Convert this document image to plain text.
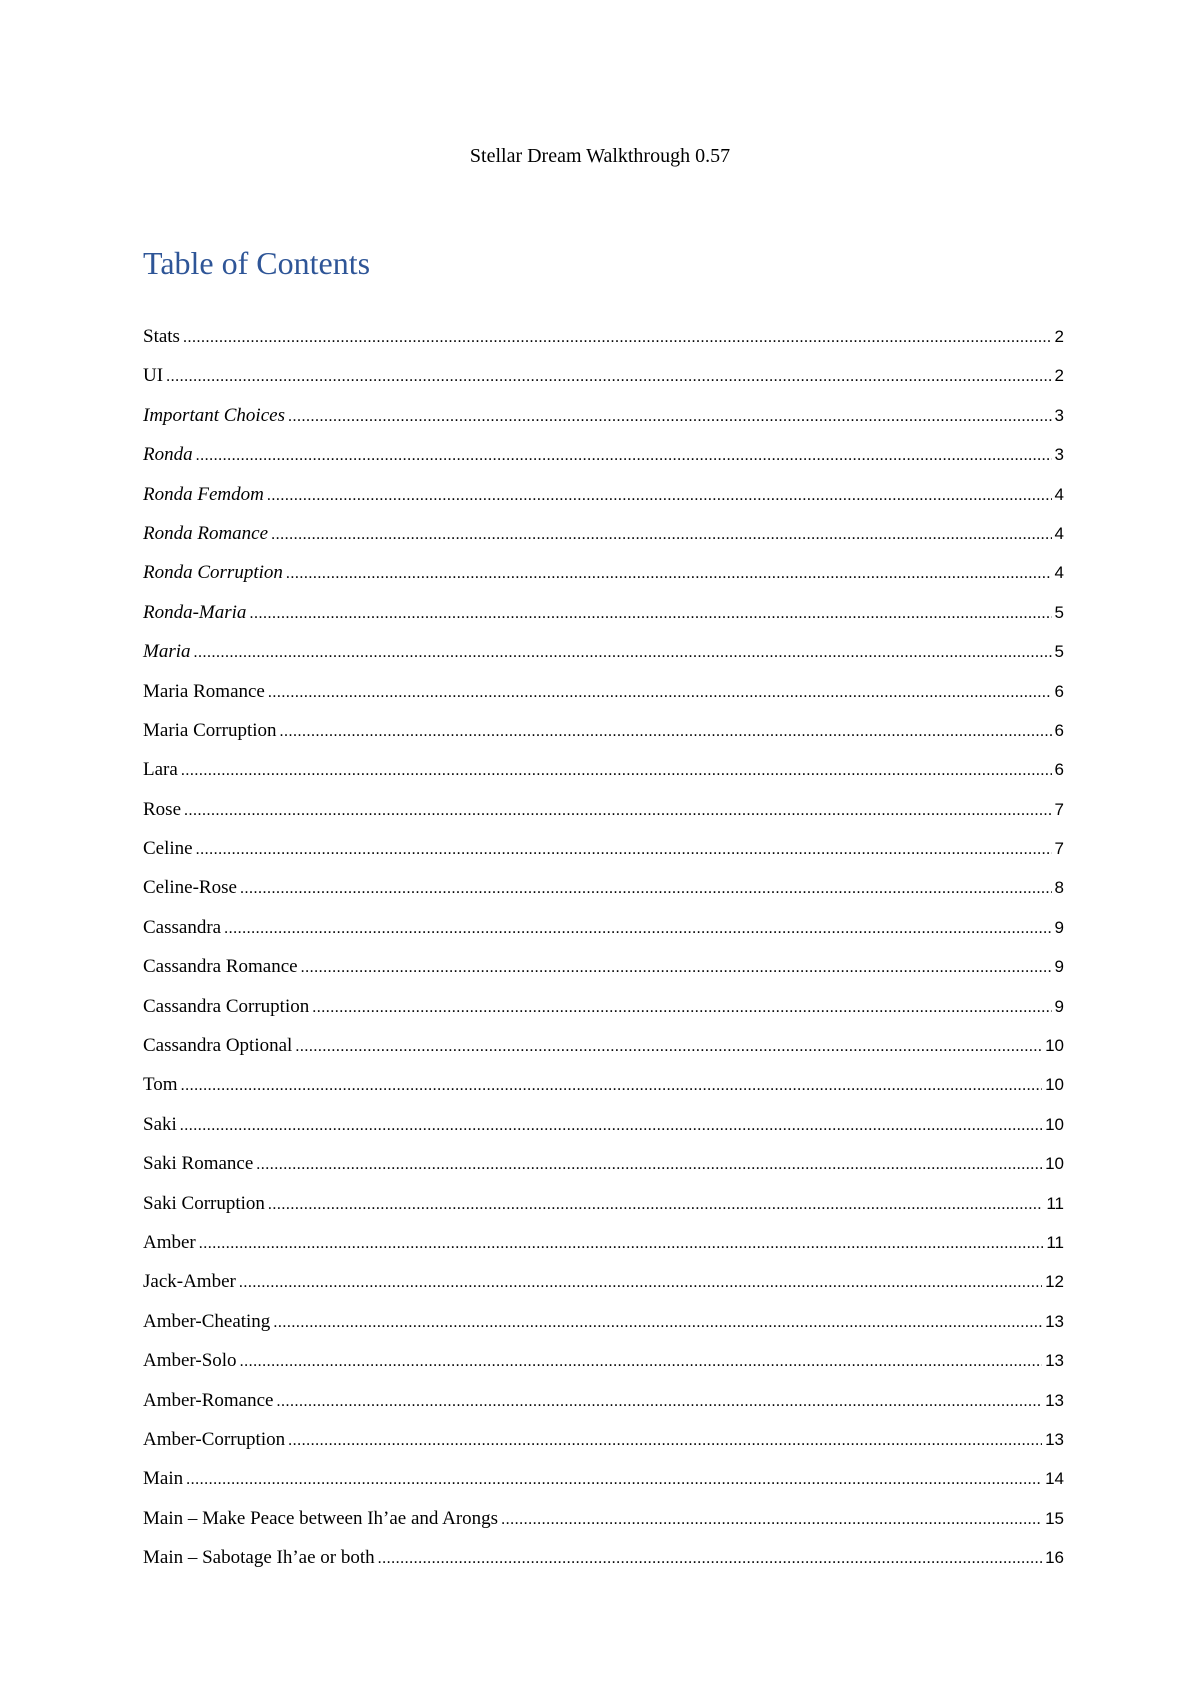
Stellar Dream Walkthrough 0.57
Table of Contents
Stats .....	2
UI .....	2
Important Choices .....	3
Ronda .....	3
Ronda Femdom .....	4
Ronda Romance .....	4
Ronda Corruption .....	4
Ronda-Maria .....	5
Maria .....	5
Maria Romance .....	6
Maria Corruption .....	6
Lara .....	6
Rose .....	7
Celine .....	7
Celine-Rose .....	8
Cassandra .....	9
Cassandra Romance .....	9
Cassandra Corruption .....	9
Cassandra Optional .....	10
Tom .....	10
Saki .....	10
Saki Romance .....	10
Saki Corruption .....	11
Amber .....	11
Jack-Amber .....	12
Amber-Cheating .....	13
Amber-Solo .....	13
Amber-Romance .....	13
Amber-Corruption .....	13
Main .....	14
Main – Make Peace between Ih’ae and Arongs .....	15
Main – Sabotage Ih’ae or both .....	16
